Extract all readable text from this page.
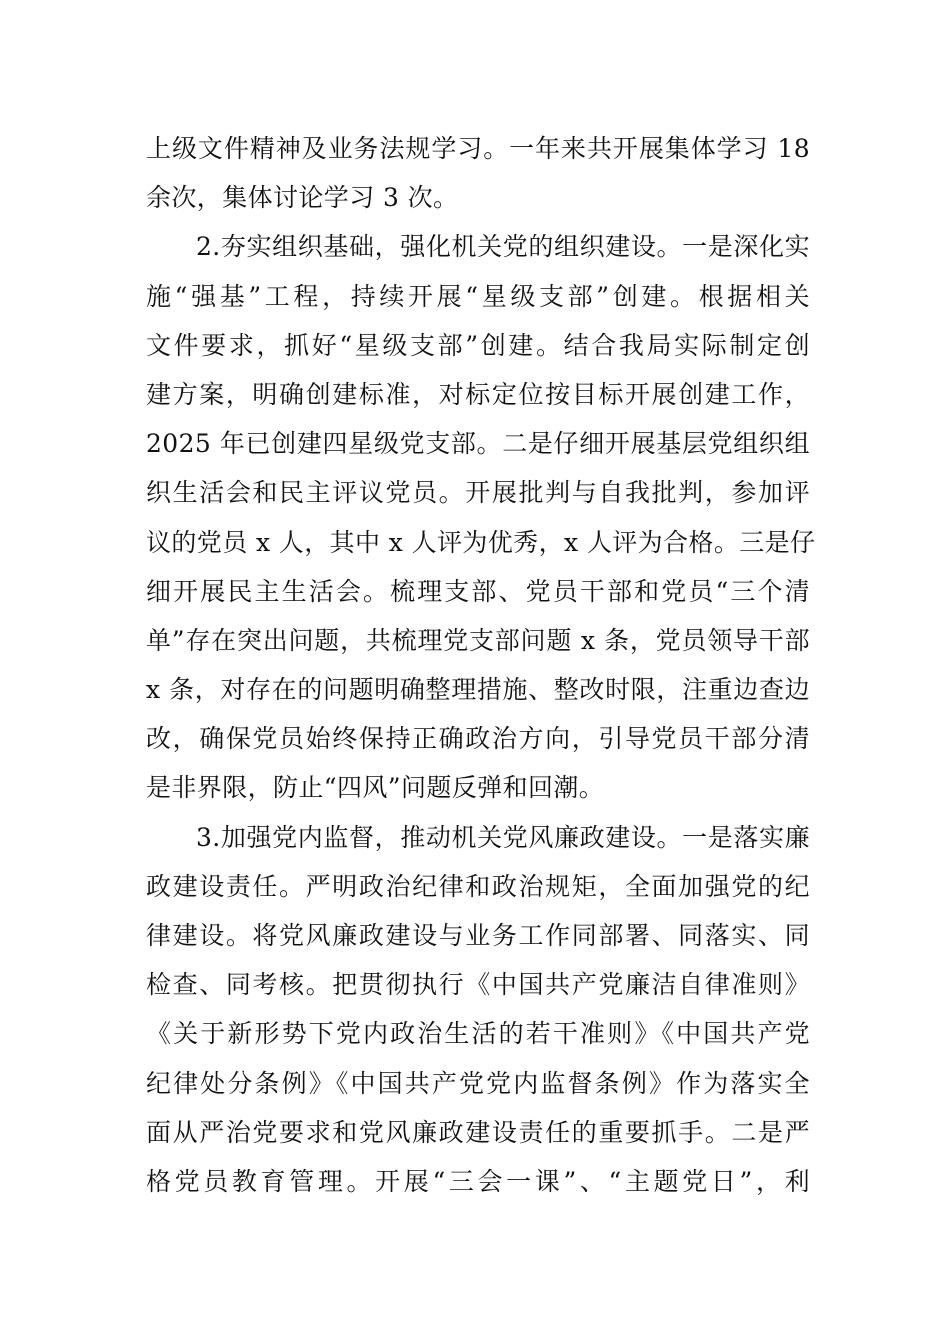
上级文件精神及业务法规学习。一年来共开展集体学习 18
余次，集体讨论学习 3 次。
2.夯实组织基础，强化机关党的组织建设。一是深化实
施“强基”工程，持续开展“星级支部”创建。根据相关
文件要求，抓好“星级支部”创建。结合我局实际制定创
建方案，明确创建标准，对标定位按目标开展创建工作，
2025 年已创建四星级党支部。二是仔细开展基层党组织组
织生活会和民主评议党员。开展批判与自我批判，参加评
议的党员 x 人，其中 x 人评为优秀，x 人评为合格。三是仔
细开展民主生活会。梳理支部、党员干部和党员“三个清
单”存在突出问题，共梳理党支部问题 x 条，党员领导干部
x 条，对存在的问题明确整理措施、整改时限，注重边查边
改，确保党员始终保持正确政治方向，引导党员干部分清
是非界限，防止“四风”问题反弹和回潮。
3.加强党内监督，推动机关党风廉政建设。一是落实廉
政建设责任。严明政治纪律和政治规矩，全面加强党的纪
律建设。将党风廉政建设与业务工作同部署、同落实、同
检查、同考核。把贯彻执行《中国共产党廉洁自律准则》
《关于新形势下党内政治生活的若干准则》《中国共产党
纪律处分条例》《中国共产党党内监督条例》作为落实全
面从严治党要求和党风廉政建设责任的重要抓手。二是严
格党员教育管理。开展“三会一课”、“主题党日”，利
